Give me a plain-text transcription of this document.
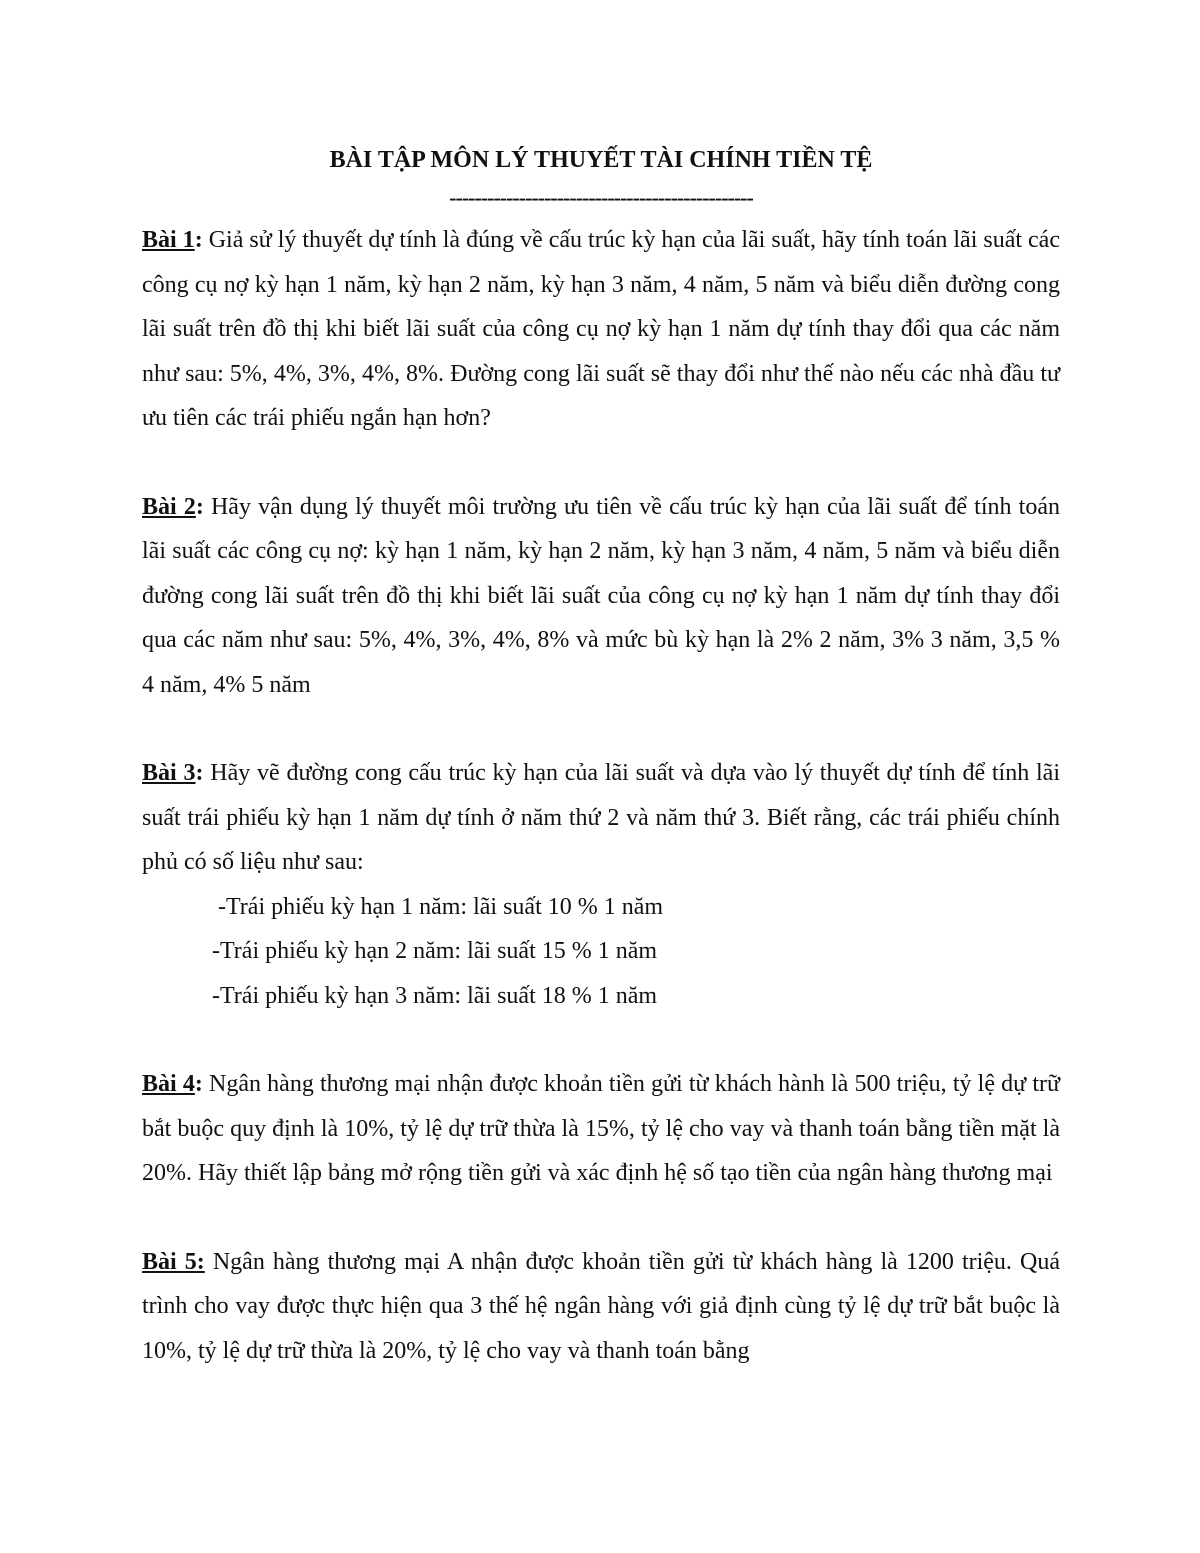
BÀI TẬP MÔN LÝ THUYẾT TÀI CHÍNH TIỀN TỆ
------------------------------------------------

Bài 1: Giả sử lý thuyết dự tính là đúng về cấu trúc kỳ hạn của lãi suất, hãy tính toán lãi suất các công cụ nợ kỳ hạn 1 năm, kỳ hạn 2 năm, kỳ hạn 3 năm, 4 năm, 5 năm và biểu diễn đường cong lãi suất trên đồ thị khi biết lãi suất của công cụ nợ kỳ hạn 1 năm dự tính thay đổi qua các năm như sau: 5%, 4%, 3%, 4%, 8%. Đường cong lãi suất sẽ thay đổi như thế nào nếu các nhà đầu tư ưu tiên các trái phiếu ngắn hạn hơn?

Bài 2: Hãy vận dụng lý thuyết môi trường ưu tiên về cấu trúc kỳ hạn của lãi suất để tính toán lãi suất các công cụ nợ: kỳ hạn 1 năm, kỳ hạn 2 năm, kỳ hạn 3 năm, 4 năm, 5 năm và biểu diễn đường cong lãi suất trên đồ thị khi biết lãi suất của công cụ nợ kỳ hạn 1 năm dự tính thay đổi qua các năm như sau: 5%, 4%, 3%, 4%, 8% và mức bù kỳ hạn là 2% 2 năm, 3% 3 năm, 3,5 % 4 năm, 4% 5 năm

Bài 3: Hãy vẽ đường cong cấu trúc kỳ hạn của lãi suất và dựa vào lý thuyết dự tính để tính lãi suất trái phiếu kỳ hạn 1 năm dự tính ở năm thứ 2 và năm thứ 3. Biết rằng, các trái phiếu chính phủ có số liệu như sau:

-Trái phiếu kỳ hạn 1 năm: lãi suất 10 % 1 năm
-Trái phiếu kỳ hạn 2 năm: lãi suất 15 % 1 năm
-Trái phiếu kỳ hạn 3 năm: lãi suất 18 % 1 năm

Bài 4: Ngân hàng thương mại nhận được khoản tiền gửi từ khách hành là 500 triệu, tỷ lệ dự trữ bắt buộc quy định là 10%, tỷ lệ dự trữ thừa là 15%, tỷ lệ cho vay và thanh toán bằng tiền mặt là 20%. Hãy thiết lập bảng mở rộng tiền gửi và xác định hệ số tạo tiền của ngân hàng thương mại

Bài 5: Ngân hàng thương mại A nhận được khoản tiền gửi từ khách hàng là 1200 triệu. Quá trình cho vay được thực hiện qua 3 thế hệ ngân hàng với giả định cùng tỷ lệ dự trữ bắt buộc là 10%, tỷ lệ dự trữ thừa là 20%, tỷ lệ cho vay và thanh toán bằng
